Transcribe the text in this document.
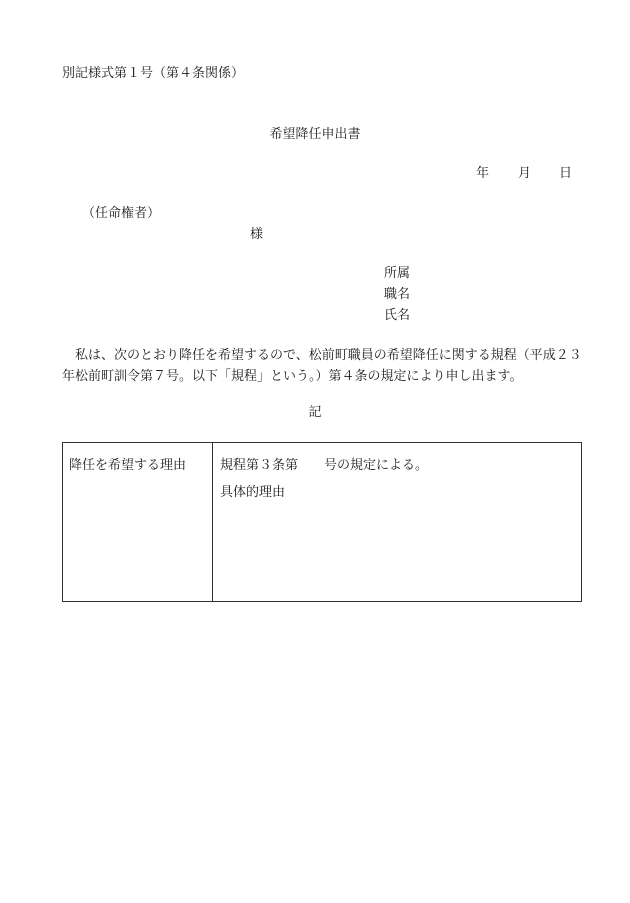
別記様式第１号（第４条関係）
希望降任申出書
年 月 日
（任命権者）
様
所属
職名
氏名
私は、次のとおり降任を希望するので、松前町職員の希望降任に関する規程（平成２３年松前町訓令第７号。以下「規程」という。）第４条の規定により申し出ます。
記
降任を希望する理由	規程第３条第 号の規定による。
具体的理由
